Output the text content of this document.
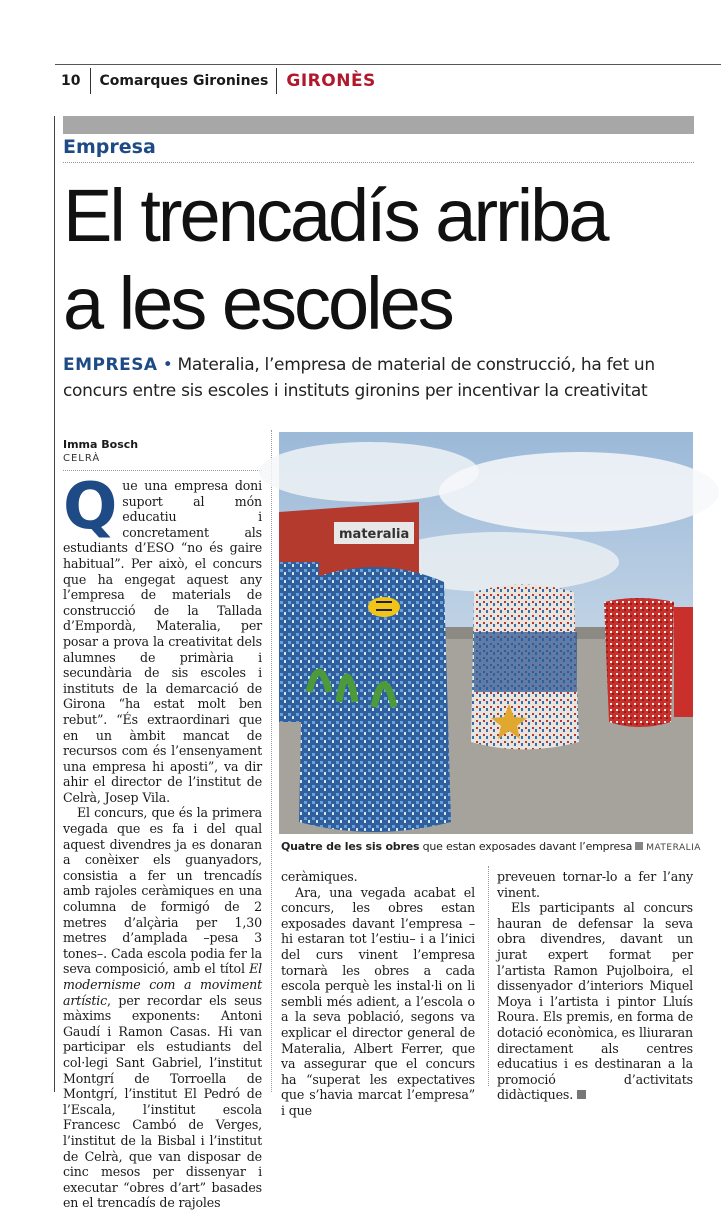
10	Comarques Gironines	GIRONÈS
Empresa
El trencadís arriba
a les escoles
EMPRESA • Materalia, l’empresa de material de construcció, ha fet un concurs entre sis escoles i instituts gironins per incentivar la creativitat
Imma Bosch
CELRÀ

Que una empresa doni suport al món educatiu i concretament als estudiants d’ESO “no és gaire habitual”. Per això, el concurs que ha engegat aquest any l’empresa de materials de construcció de la Tallada d’Empordà, Materalia, per posar a prova la creativitat dels alumnes de primària i secundària de sis escoles i instituts de la demarcació de Girona “ha estat molt ben rebut”. “És extraordinari que en un àmbit mancat de recursos com és l’ensenyament una empresa hi aposti”, va dir ahir el director de l’institut de Celrà, Josep Vila.

El concurs, que és la primera vegada que es fa i del qual aquest divendres ja es donaran a conèixer els guanyadors, consistia a fer un trencadís amb rajoles ceràmiques en una columna de formigó de 2 metres d’alçària per 1,30 metres d’amplada –pesa 3 tones–. Cada escola podia fer la seva composició, amb el títol El modernisme com a moviment artístic, per recordar els seus màxims exponents: Antoni Gaudí i Ramon Casas. Hi van participar els estudiants del col·legi Sant Gabriel, l’institut Montgrí de Torroella de Montgrí, l’institut El Pedró de l’Escala, l’institut escola Francesc Cambó de Verges, l’institut de la Bisbal i l’institut de Celrà, que van disposar de cinc mesos per dissenyar i executar “obres d’art” basades en el trencadís de rajoles

materalia
Quatre de les sis obres que estan exposades davant l’empresa MATERALIA

ceràmiques.

Ara, una vegada acabat el concurs, les obres estan exposades davant l’empresa –hi estaran tot l’estiu– i a l’inici del curs vinent l’empresa tornarà les obres a cada escola perquè les instal·li on li sembli més adient, a l’escola o a la seva població, segons va explicar el director general de Materalia, Albert Ferrer, que va assegurar que el concurs ha “superat les expectatives que s’havia marcat l’empresa” i que

preveuen tornar-lo a fer l’any vinent.

Els participants al concurs hauran de defensar la seva obra divendres, davant un jurat expert format per l’artista Ramon Pujolboira, el dissenyador d’interiors Miquel Moya i l’artista i pintor Lluís Roura. Els premis, en forma de dotació econòmica, es lliuraran directament als centres educatius i es destinaran a la promoció d’activitats didàctiques.
